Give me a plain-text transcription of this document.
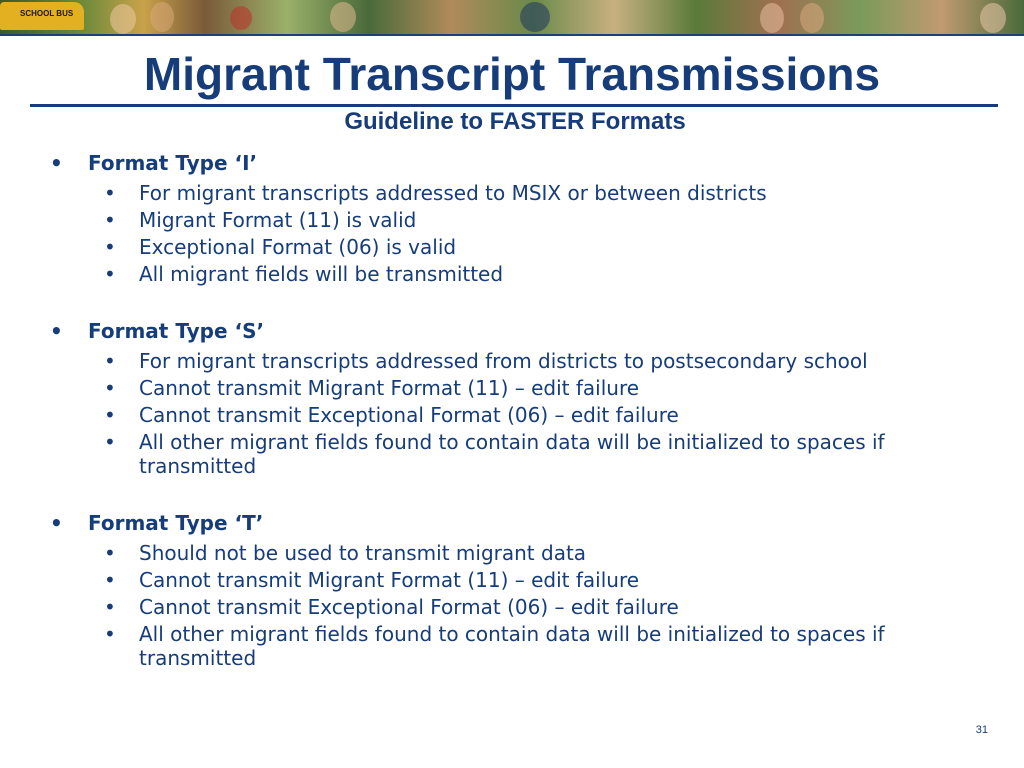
SCHOOL BUS
Migrant Transcript Transmissions
Guideline to FASTER Formats
• Format Type ‘I’
• For migrant transcripts addressed to MSIX or between districts
• Migrant Format (11) is valid
• Exceptional Format (06) is valid
• All migrant fields will be transmitted
• Format Type ‘S’
• For migrant transcripts addressed from districts to postsecondary school
• Cannot transmit Migrant Format (11) – edit failure
• Cannot transmit Exceptional Format (06) – edit failure
• All other migrant fields found to contain data will be initialized to spaces if transmitted
• Format Type ‘T’
• Should not be used to transmit migrant data
• Cannot transmit Migrant Format (11) – edit failure
• Cannot transmit Exceptional Format (06) – edit failure
• All other migrant fields found to contain data will be initialized to spaces if transmitted
31
